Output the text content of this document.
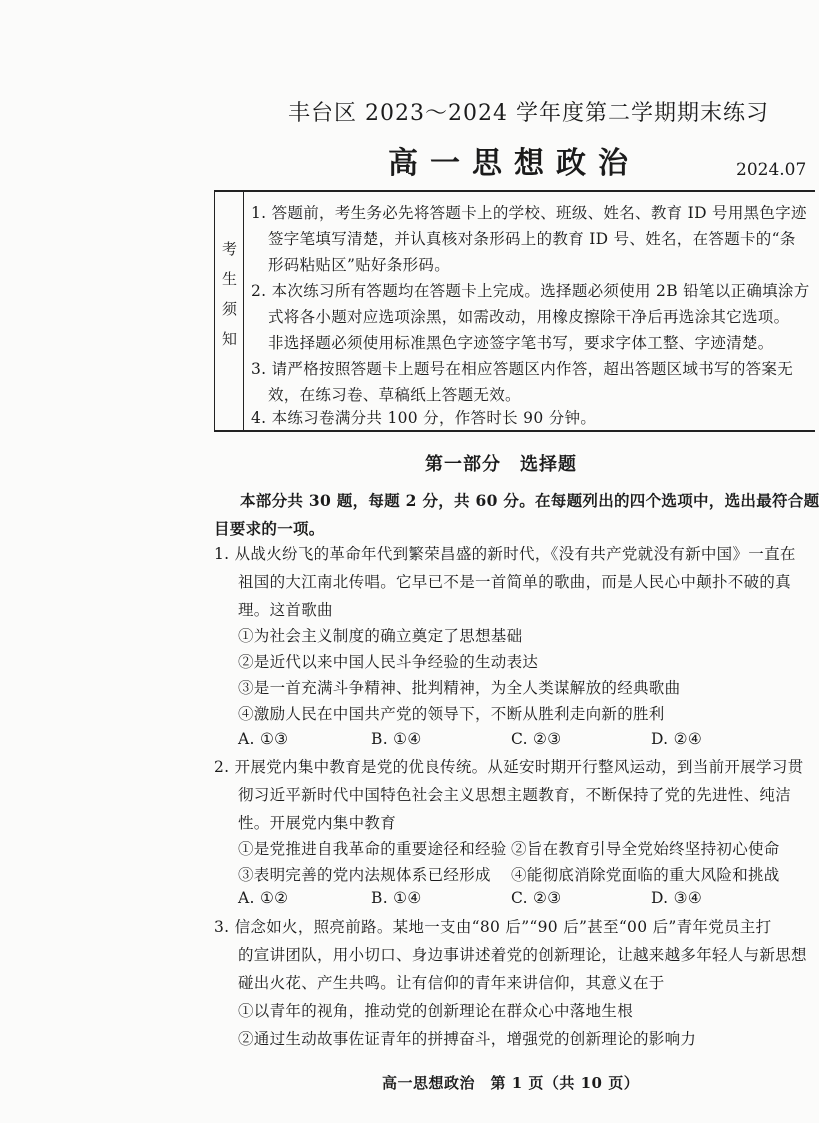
丰台区 2023～2024 学年度第二学期期末练习
高一思想政治	2024.07
考
生
须
知
1. 答题前，考生务必先将答题卡上的学校、班级、姓名、教育 ID 号用黑色字迹
签字笔填写清楚，并认真核对条形码上的教育 ID 号、姓名，在答题卡的“条
形码粘贴区”贴好条形码。
2. 本次练习所有答题均在答题卡上完成。选择题必须使用 2B 铅笔以正确填涂方
式将各小题对应选项涂黑，如需改动，用橡皮擦除干净后再选涂其它选项。
非选择题必须使用标准黑色字迹签字笔书写，要求字体工整、字迹清楚。
3. 请严格按照答题卡上题号在相应答题区内作答，超出答题区域书写的答案无
效，在练习卷、草稿纸上答题无效。
4. 本练习卷满分共 100 分，作答时长 90 分钟。
第一部分　选择题
本部分共 30 题，每题 2 分，共 60 分。在每题列出的四个选项中，选出最符合题
目要求的一项。
1. 从战火纷飞的革命年代到繁荣昌盛的新时代，《没有共产党就没有新中国》一直在
祖国的大江南北传唱。它早已不是一首简单的歌曲，而是人民心中颠扑不破的真
理。这首歌曲
①为社会主义制度的确立奠定了思想基础
②是近代以来中国人民斗争经验的生动表达
③是一首充满斗争精神、批判精神，为全人类谋解放的经典歌曲
④激励人民在中国共产党的领导下，不断从胜利走向新的胜利
A. ①③	B. ①④	C. ②③	D. ②④
2. 开展党内集中教育是党的优良传统。从延安时期开行整风运动，到当前开展学习贯
彻习近平新时代中国特色社会主义思想主题教育，不断保持了党的先进性、纯洁
性。开展党内集中教育
①是党推进自我革命的重要途径和经验 ②旨在教育引导全党始终坚持初心使命
③表明完善的党内法规体系已经形成 ④能彻底消除党面临的重大风险和挑战
A. ①②	B. ①④	C. ②③	D. ③④
3. 信念如火，照亮前路。某地一支由“80 后”“90 后”甚至“00 后”青年党员主打
的宣讲团队，用小切口、身边事讲述着党的创新理论，让越来越多年轻人与新思想
碰出火花、产生共鸣。让有信仰的青年来讲信仰，其意义在于
①以青年的视角，推动党的创新理论在群众心中落地生根
②通过生动故事佐证青年的拼搏奋斗，增强党的创新理论的影响力
高一思想政治　第 1 页（共 10 页）
